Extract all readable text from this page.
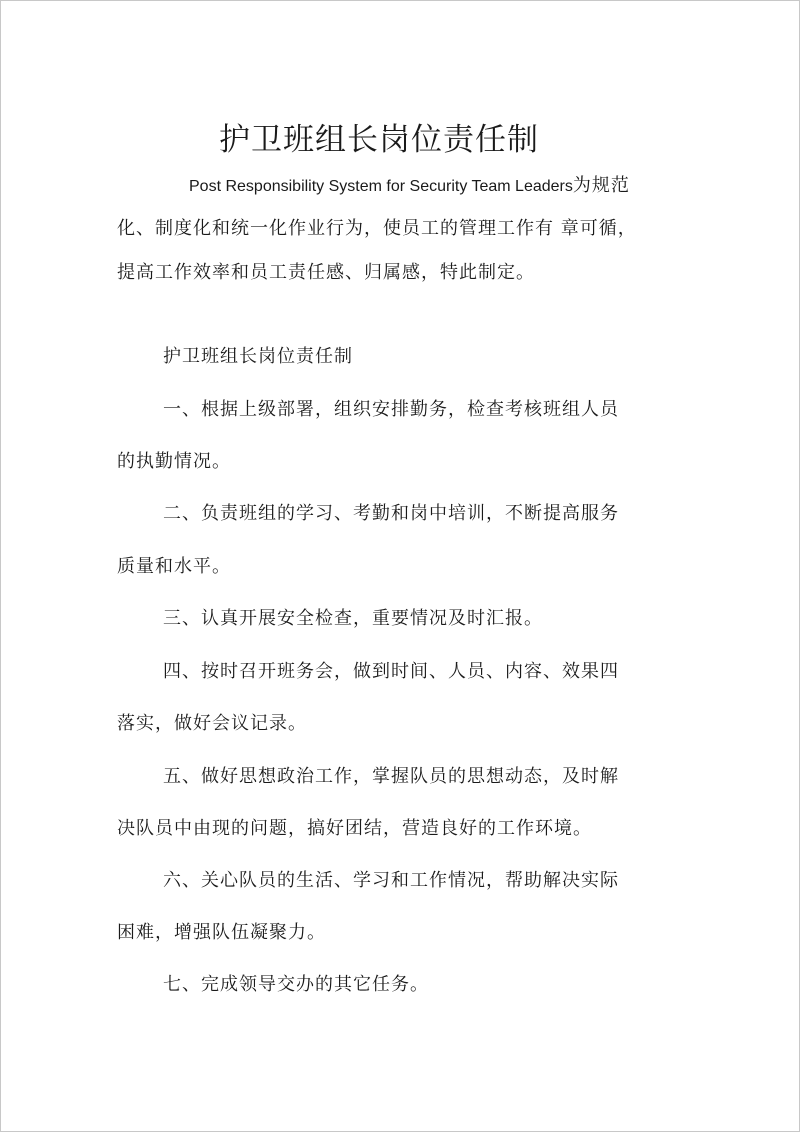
护卫班组长岗位责任制
Post Responsibility System for Security Team Leaders为规范
化、制度化和统一化作业行为，使员工的管理工作有 章可循，
提高工作效率和员工责任感、归属感，特此制定。
护卫班组长岗位责任制
一、根据上级部署，组织安排勤务，检查考核班组人员
的执勤情况。
二、负责班组的学习、考勤和岗中培训，不断提高服务
质量和水平。
三、认真开展安全检查，重要情况及时汇报。
四、按时召开班务会，做到时间、人员、内容、效果四
落实，做好会议记录。
五、做好思想政治工作，掌握队员的思想动态，及时解
决队员中由现的问题，搞好团结，营造良好的工作环境。
六、关心队员的生活、学习和工作情况，帮助解决实际
困难，增强队伍凝聚力。
七、完成领导交办的其它任务。
